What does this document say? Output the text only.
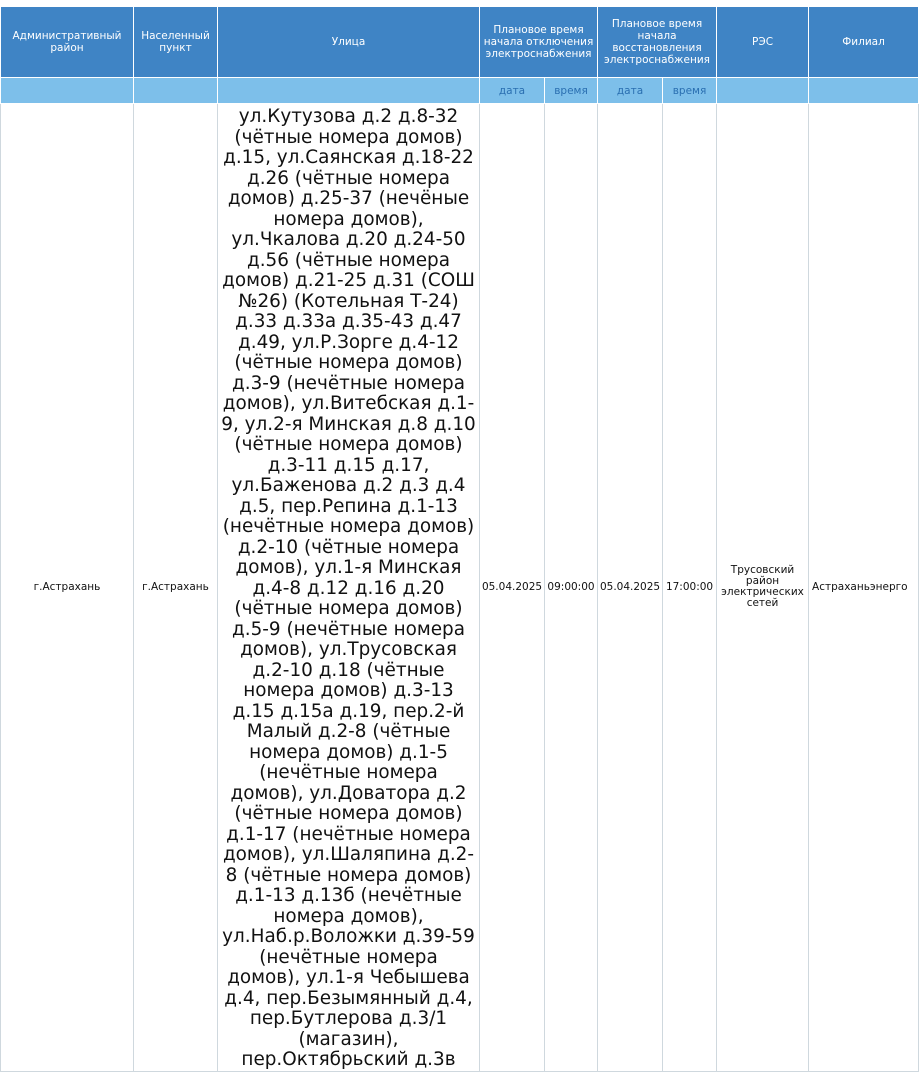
Административный район	Населенный пункт	Улица	Плановое время начала отключения электроснабжения		Плановое время начала восстановления электроснабжения		РЭС	Филиал
			дата	время	дата	время		
г.Астрахань	г.Астрахань	ул.Кутузова д.2 д.8-32 (чётные номера домов) д.15, ул.Саянская д.18-22 д.26 (чётные номера домов) д.25-37 (нечёные номера домов), ул.Чкалова д.20 д.24-50 д.56 (чётные номера домов) д.21-25 д.31 (СОШ №26) (Котельная Т-24) д.33 д.33а д.35-43 д.47 д.49, ул.Р.Зорге д.4-12 (чётные номера домов) д.3-9 (нечётные номера домов), ул.Витебская д.1-9, ул.2-я Минская д.8 д.10 (чётные номера домов) д.3-11 д.15 д.17, ул.Баженова д.2 д.3 д.4 д.5, пер.Репина д.1-13 (нечётные номера домов) д.2-10 (чётные номера домов), ул.1-я Минская д.4-8 д.12 д.16 д.20 (чётные номера домов) д.5-9 (нечётные номера домов), ул.Трусовская д.2-10 д.18 (чётные номера домов) д.3-13 д.15 д.15а д.19, пер.2-й Малый д.2-8 (чётные номера домов) д.1-5 (нечётные номера домов), ул.Доватора д.2 (чётные номера домов) д.1-17 (нечётные номера домов), ул.Шаляпина д.2-8 (чётные номера домов) д.1-13 д.13б (нечётные номера домов), ул.Наб.р.Воложки д.39-59 (нечётные номера домов), ул.1-я Чебышева д.4, пер.Безымянный д.4, пер.Бутлерова д.3/1 (магазин), пер.Октябрьский д.3в	05.04.2025	09:00:00	05.04.2025	17:00:00	Трусовский район электрических сетей	Астраханьэнерго
